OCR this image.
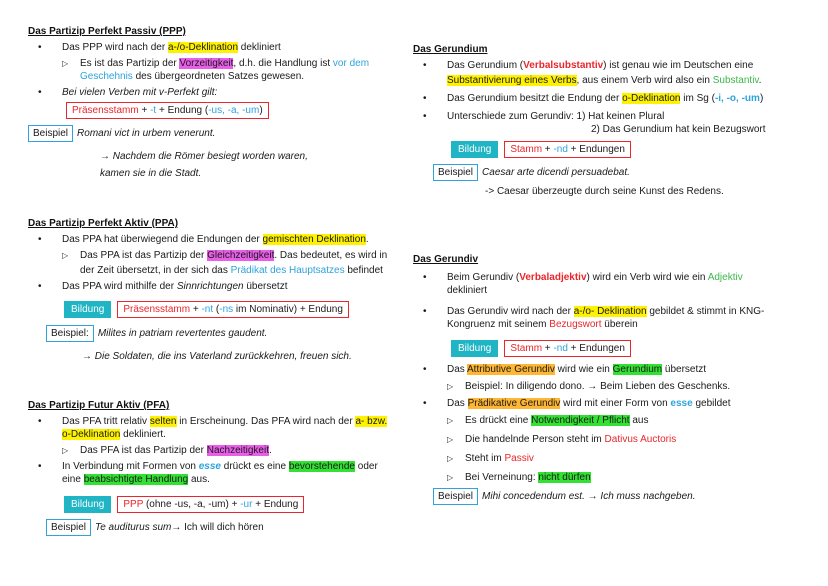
Das Partizip Perfekt Passiv (PPP)
• Das PPP wird nach der a-/o-Deklination dekliniert
▷ Es ist das Partizip der Vorzeitigkeit, d.h. die Handlung ist vor dem
Geschehnis des übergeordneten Satzes gewesen.
• Bei vielen Verben mit v-Perfekt gilt:
Präsensstamm + -t + Endung (-us, -a, -um)
Beispiel Romani vict in urbem venerunt.
→ Nachdem die Römer besiegt worden waren,
kamen sie in die Stadt.
Das Partizip Perfekt Aktiv (PPA)
• Das PPA hat überwiegend die Endungen der gemischten Deklination.
▷ Das PPA ist das Partizip der Gleichzeitigkeit. Das bedeutet, es wird in
der Zeit übersetzt, in der sich das Prädikat des Hauptsatzes befindet
• Das PPA wird mithilfe der Sinnrichtungen übersetzt
Bildung	Präsensstamm + -nt (-ns im Nominativ) + Endung
Beispiel: Milites in patriam revertentes gaudent.
→ Die Soldaten, die ins Vaterland zurückkehren, freuen sich.
Das Partizip Futur Aktiv (PFA)
• Das PFA tritt relativ selten in Erscheinung. Das PFA wird nach der a- bzw.
o-Deklination dekliniert.
▷ Das PFA ist das Partizip der Nachzeitigkeit.
• In Verbindung mit Formen von esse drückt es eine bevorstehende oder
eine beabsichtigte Handlung aus.
Bildung	PPP (ohne -us, -a, -um) + -ur + Endung
Beispiel Te auditurus sum → Ich will dich hören
Das Gerundium
• Das Gerundium (Verbalsubstantiv) ist genau wie im Deutschen eine
Substantivierung eines Verbs, aus einem Verb wird also ein Substantiv.
• Das Gerundium besitzt die Endung der o-Deklination im Sg (-i, -o, -um)
• Unterschiede zum Gerundiv: 1) Hat keinen Plural
2) Das Gerundium hat kein Bezugswort
Bildung	Stamm + -nd + Endungen
Beispiel Caesar arte dicendi persuadebat.
-> Caesar überzeugte durch seine Kunst des Redens.
Das Gerundiv
• Beim Gerundiv (Verbaladjektiv) wird ein Verb wird wie ein Adjektiv
dekliniert
• Das Gerundiv wird nach der a-/o- Deklination gebildet & stimmt in KNG-
Kongruenz mit seinem Bezugswort überein
Bildung	Stamm + -nd + Endungen
• Das Attributive Gerundiv wird wie ein Gerundium übersetzt
▷ Beispiel: In diligendo dono. → Beim Lieben des Geschenks.
• Das Prädikative Gerundiv wird mit einer Form von esse gebildet
▷ Es drückt eine Notwendigkeit / Pflicht aus
▷ Die handelnde Person steht im Dativus Auctoris
▷ Steht im Passiv
▷ Bei Verneinung: nicht dürfen
Beispiel Mihi concedendum est. → Ich muss nachgeben.
